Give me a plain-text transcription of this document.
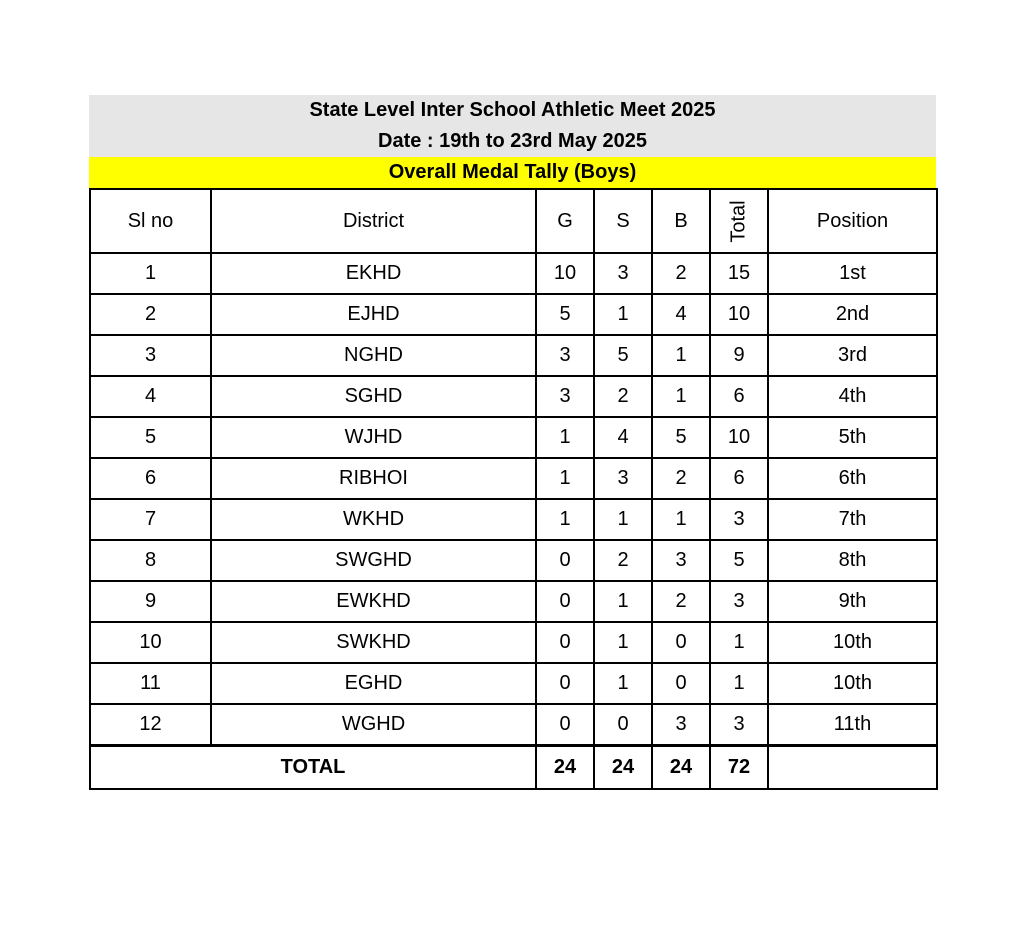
State Level Inter School Athletic Meet 2025
Date : 19th to 23rd May 2025
Overall Medal Tally (Boys)
Sl no	District	G	S	B	Total	Position
1	EKHD	10	3	2	15	1st
2	EJHD	5	1	4	10	2nd
3	NGHD	3	5	1	9	3rd
4	SGHD	3	2	1	6	4th
5	WJHD	1	4	5	10	5th
6	RIBHOI	1	3	2	6	6th
7	WKHD	1	1	1	3	7th
8	SWGHD	0	2	3	5	8th
9	EWKHD	0	1	2	3	9th
10	SWKHD	0	1	0	1	10th
11	EGHD	0	1	0	1	10th
12	WGHD	0	0	3	3	11th
TOTAL		24	24	24	72	
